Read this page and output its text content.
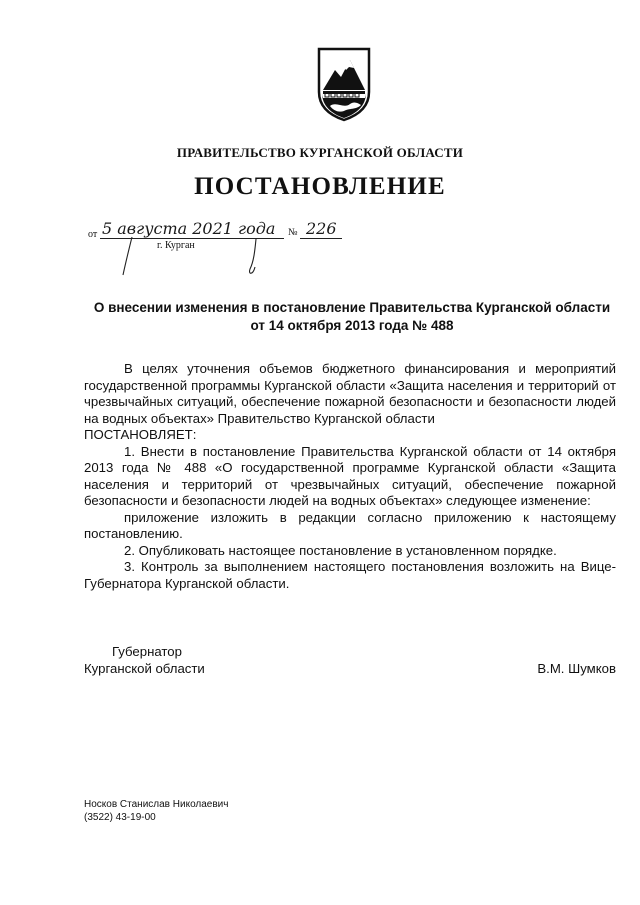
ПРАВИТЕЛЬСТВО КУРГАНСКОЙ ОБЛАСТИ
ПОСТАНОВЛЕНИЕ
от 5 августа 2021 года № 226
г. Курган
О внесении изменения в постановление Правительства Курганской области
от 14 октября 2013 года № 488

В целях уточнения объемов бюджетного финансирования и мероприятий государственной программы Курганской области «Защита населения и территорий от чрезвычайных ситуаций, обеспечение пожарной безопасности и безопасности людей на водных объектах» Правительство Курганской области

ПОСТАНОВЛЯЕТ:

1. Внести в постановление Правительства Курганской области от 14 октября 2013 года № 488 «О государственной программе Курганской области «Защита населения и территорий от чрезвычайных ситуаций, обеспечение пожарной безопасности и безопасности людей на водных объектах» следующее изменение:

приложение изложить в редакции согласно приложению к настоящему постановлению.

2. Опубликовать настоящее постановление в установленном порядке.

3. Контроль за выполнением настоящего постановления возложить на Вице-Губернатора Курганской области.

Губернатор
Курганской области	В.М. Шумков
Носков Станислав Николаевич
(3522) 43-19-00
